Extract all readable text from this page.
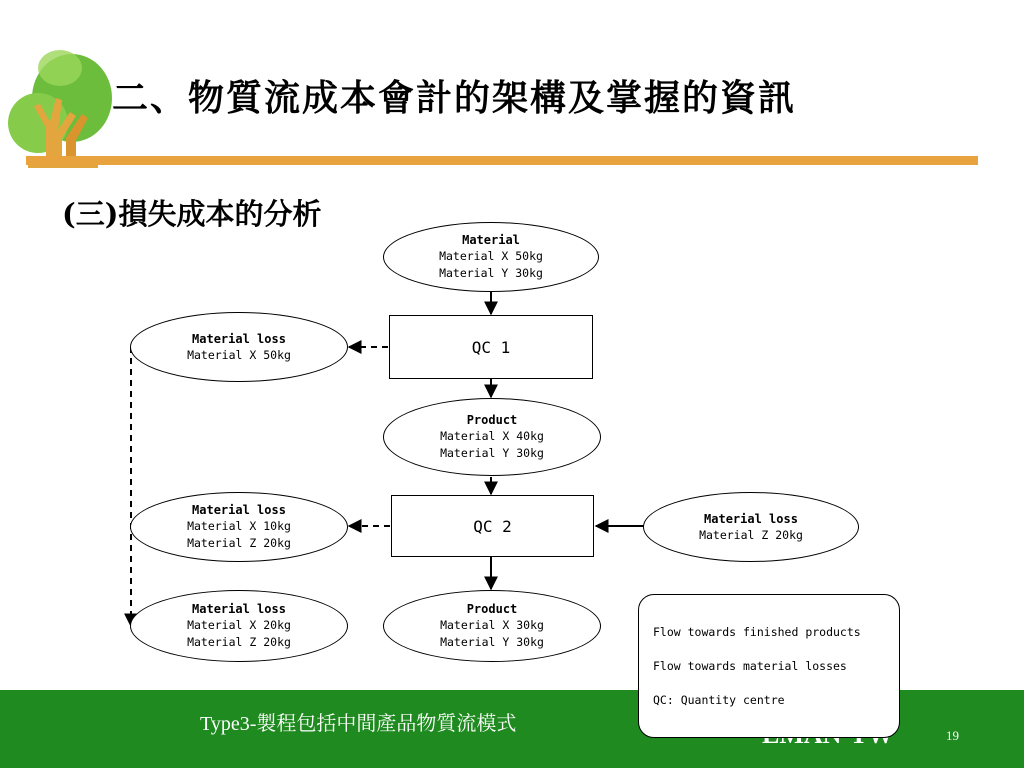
二、物質流成本會計的架構及掌握的資訊
(三)損失成本的分析
Type3-製程包括中間產品物質流模式
19
Material
Material X 50kg
Material Y 30kg
QC 1
Material loss
Material X 50kg
Product
Material X 40kg
Material Y 30kg
QC 2
Material loss
Material X 10kg
Material Z 20kg
Material loss
Material Z 20kg
Material loss
Material X 20kg
Material Z 20kg
Product
Material X 30kg
Material Y 30kg
Flow towards finished products
Flow towards material losses
QC: Quantity centre
